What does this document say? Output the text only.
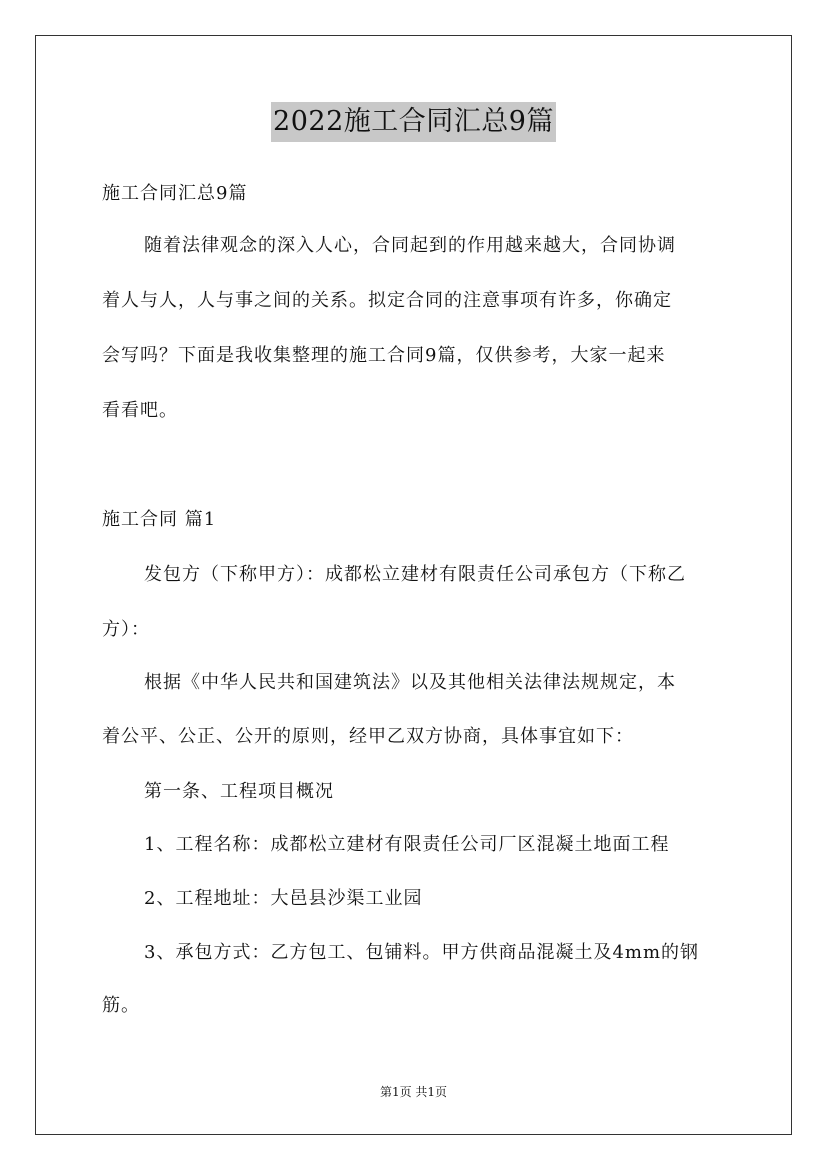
2022施工合同汇总9篇
施工合同汇总9篇
随着法律观念的深入人心，合同起到的作用越来越大，合同协调
着人与人，人与事之间的关系。拟定合同的注意事项有许多，你确定
会写吗？下面是我收集整理的施工合同9篇，仅供参考，大家一起来
看看吧。
施工合同 篇1
发包方（下称甲方）：成都松立建材有限责任公司承包方（下称乙
方）：
根据《中华人民共和国建筑法》以及其他相关法律法规规定，本
着公平、公正、公开的原则，经甲乙双方协商，具体事宜如下：
第一条、工程项目概况
1、工程名称：成都松立建材有限责任公司厂区混凝土地面工程
2、工程地址：大邑县沙渠工业园
3、承包方式：乙方包工、包铺料。甲方供商品混凝土及4mm的钢
筋。
第1页 共1页
